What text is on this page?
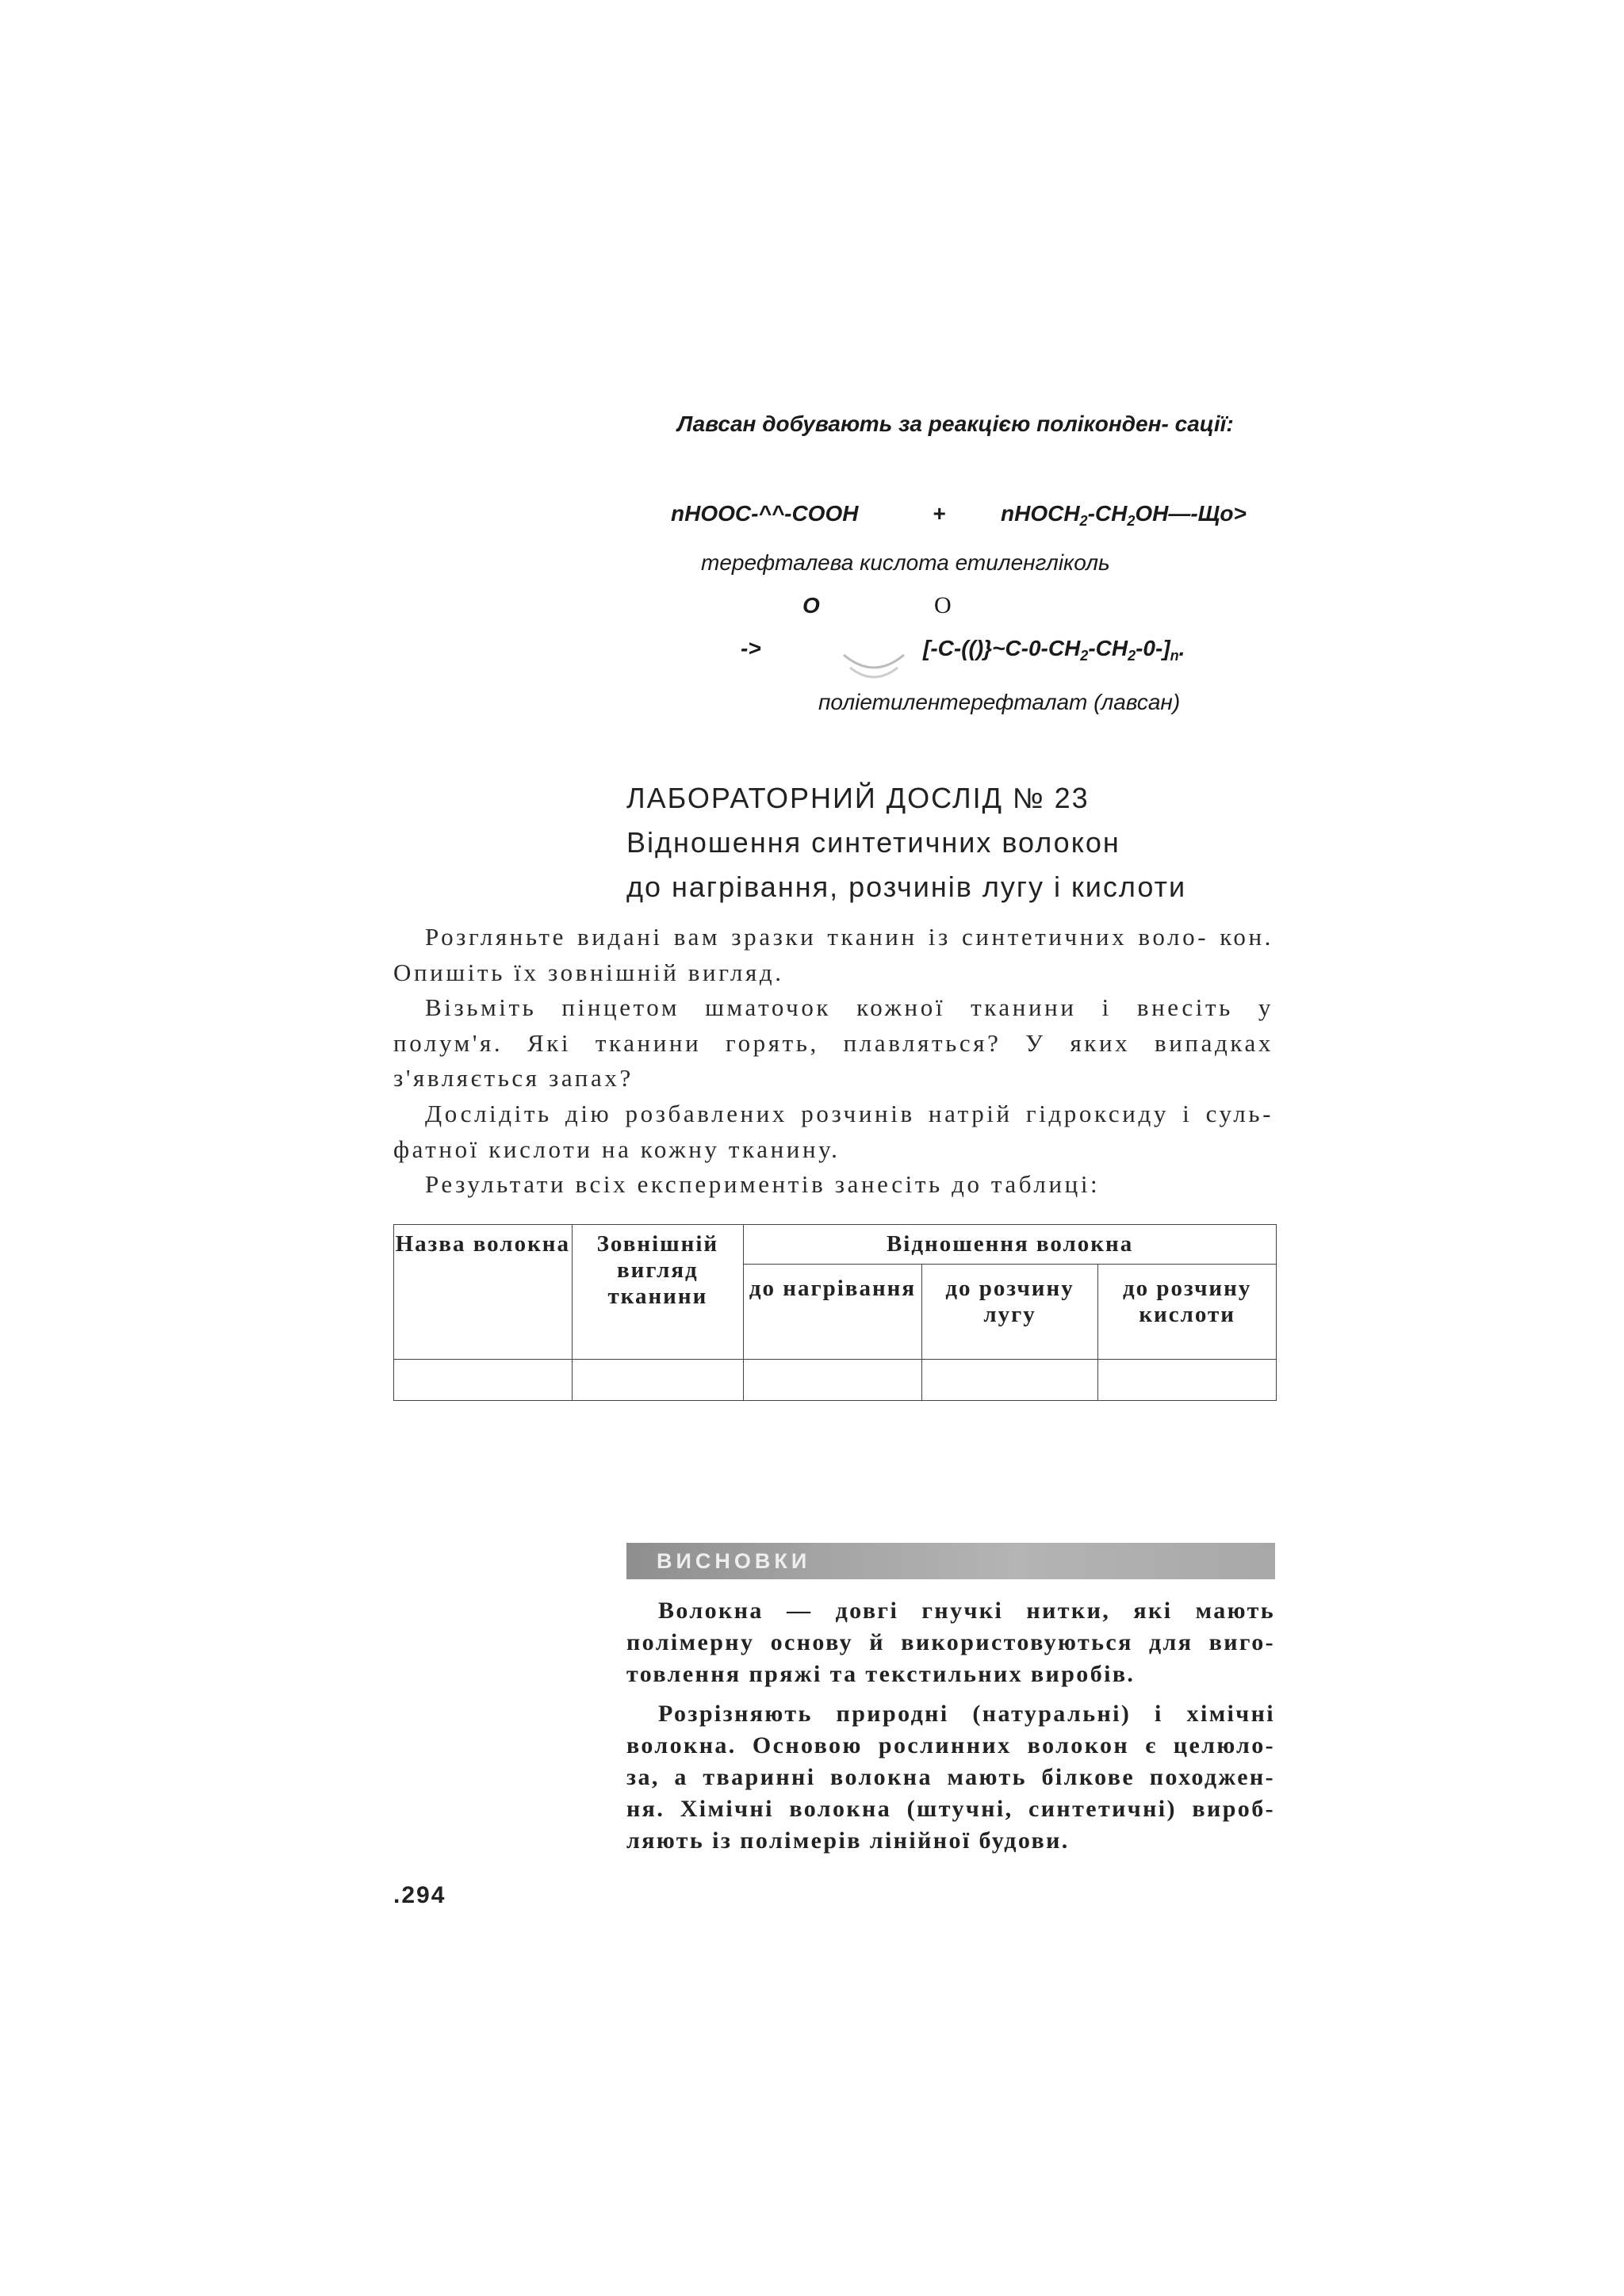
Лавсан добувають за реакцією поліконден- сації:
nHOOC-^^-COOH	+ $nHOCH_2-CH_2OH—-Що>$
терефталева кислота етиленгліколь
O	O
->	$[-C-(()\}\sim C-0-CH_2-CH_2-0-]_n$.
поліетилентерефталат (лавсан)
ЛАБОРАТОРНИЙ ДОСЛІД № 23
Відношення синтетичних волокон
до нагрівання, розчинів лугу і кислоти

Розгляньте видані вам зразки тканин із синтетичних воло- кон. Опишіть їх зовнішній вигляд.

Візьміть пінцетом шматочок кожної тканини і внесіть у полум'я. Які тканини горять, плавляться? У яких випадках з'являється запах?

Дослідіть дію розбавлених розчинів натрій гідроксиду і суль- фатної кислоти на кожну тканину.

Результати всіх експериментів занесіть до таблиці:

Назва волокна	Зовнішній вигляд тканини	Відношення волокна		
		до нагрівання	до розчину лугу	до розчину кислоти

ВИСНОВКИ

Волокна — довгі гнучкі нитки, які мають полімерну основу й використовуються для виго- товлення пряжі та текстильних виробів.

Розрізняють природні (натуральні) і хімічні волокна. Основою рослинних волокон є целюло- за, а тваринні волокна мають білкове походжен- ня. Хімічні волокна (штучні, синтетичні) вироб- ляють із полімерів лінійної будови.

.294
